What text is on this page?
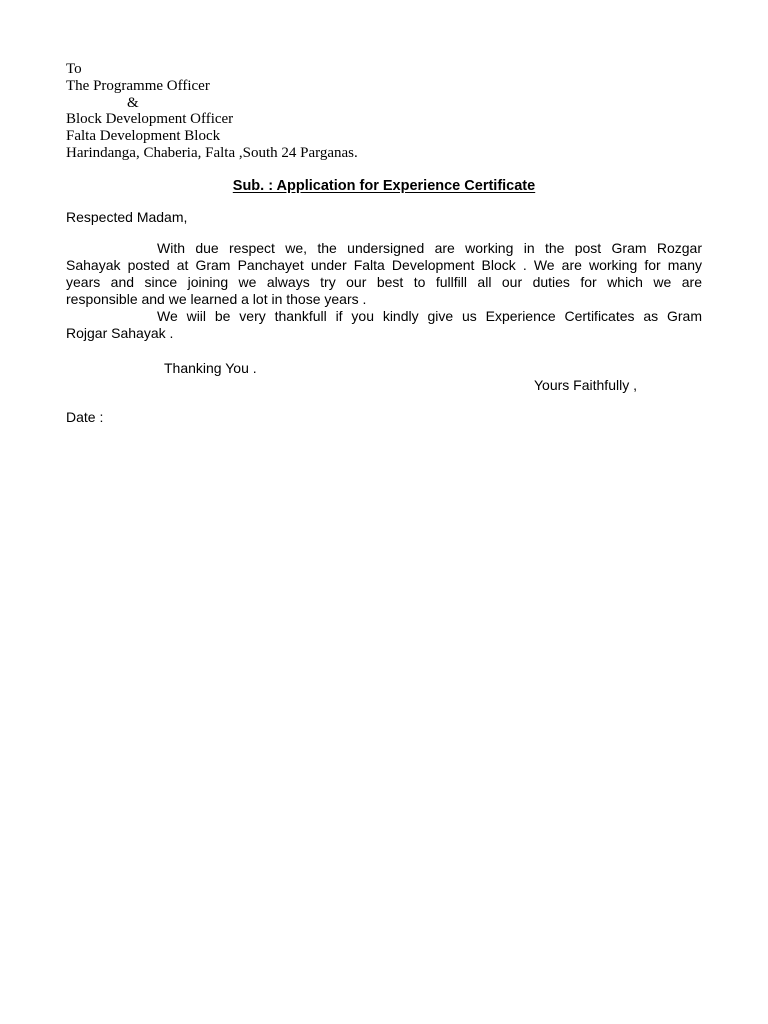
To
The Programme Officer
&
Block Development Officer
Falta Development Block
Harindanga, Chaberia, Falta ,South 24 Parganas.
Sub. : Application for Experience Certificate
Respected Madam,
With due respect we, the undersigned are working in the post Gram Rozgar
Sahayak posted at Gram Panchayet under Falta Development Block . We are working for many
years and since joining we always try our best to fullfill all our duties for which we are
responsible and we learned a lot in those years .
We wiil be very thankfull if you kindly give us Experience Certificates as Gram
Rojgar Sahayak .
Thanking You .
Yours Faithfully ,
Date :
